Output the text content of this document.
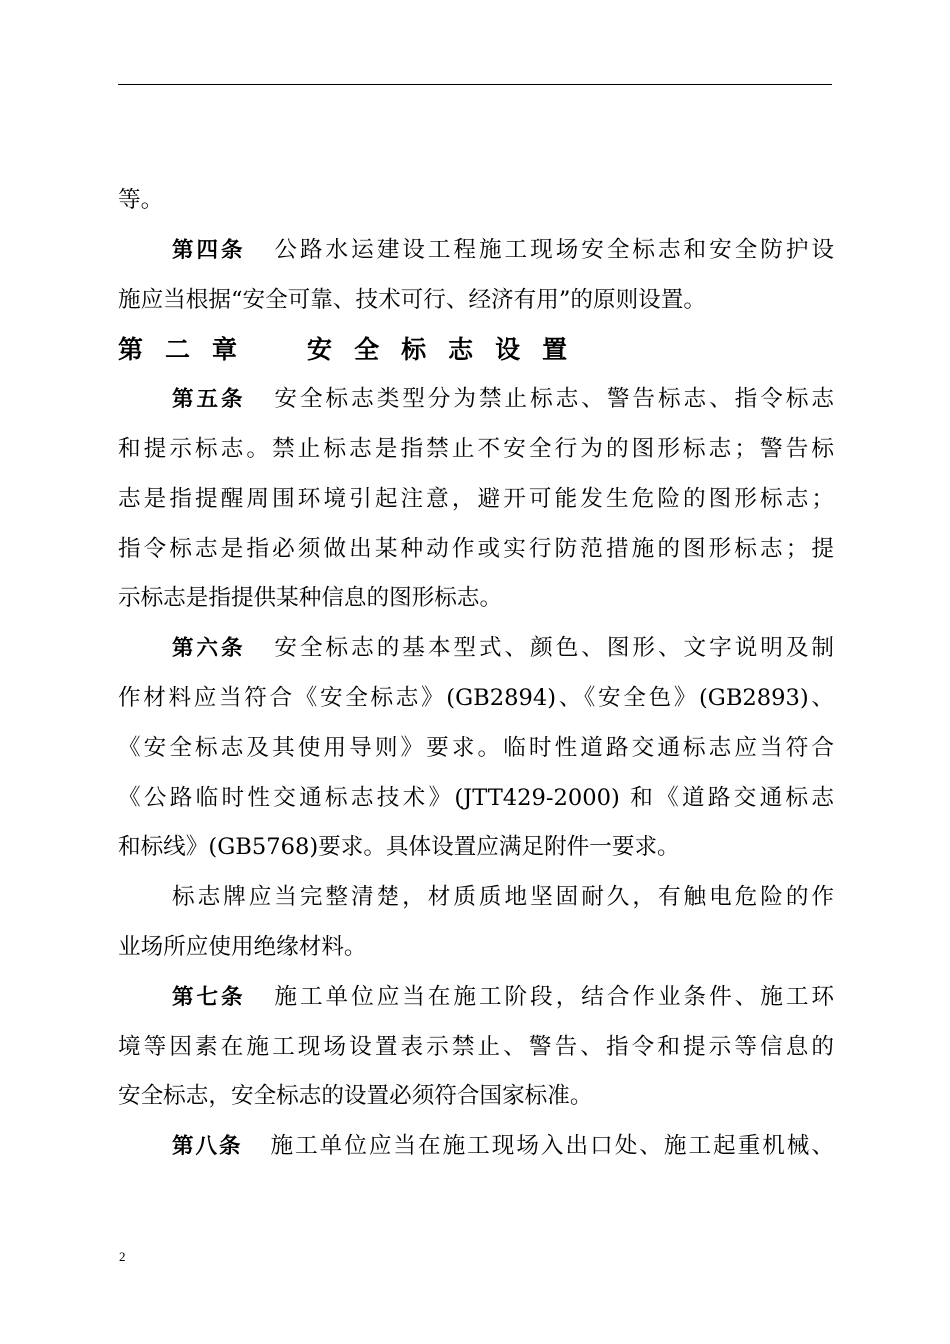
等。
第四条 公路水运建设工程施工现场安全标志和安全防护设
施应当根据“安全可靠、技术可行、经济有用”的原则设置。
第 二 章	安 全 标 志 设 置
第五条 安全标志类型分为禁止标志、警告标志、指令标志
和提示标志。禁止标志是指禁止不安全行为的图形标志；警告标
志是指提醒周围环境引起注意，避开可能发生危险的图形标志；
指令标志是指必须做出某种动作或实行防范措施的图形标志；提
示标志是指提供某种信息的图形标志。
第六条 安全标志的基本型式、颜色、图形、文字说明及制
作材料应当符合《安全标志》(GB2894)、《安全色》(GB2893)、
《安全标志及其使用导则》要求。临时性道路交通标志应当符合
《公路临时性交通标志技术》(JTT429-2000) 和《道路交通标志
和标线》(GB5768)要求。具体设置应满足附件一要求。
标志牌应当完整清楚，材质质地坚固耐久，有触电危险的作
业场所应使用绝缘材料。
第七条 施工单位应当在施工阶段，结合作业条件、施工环
境等因素在施工现场设置表示禁止、警告、指令和提示等信息的
安全标志，安全标志的设置必须符合国家标准。
第八条 施工单位应当在施工现场入出口处、施工起重机械、
2
